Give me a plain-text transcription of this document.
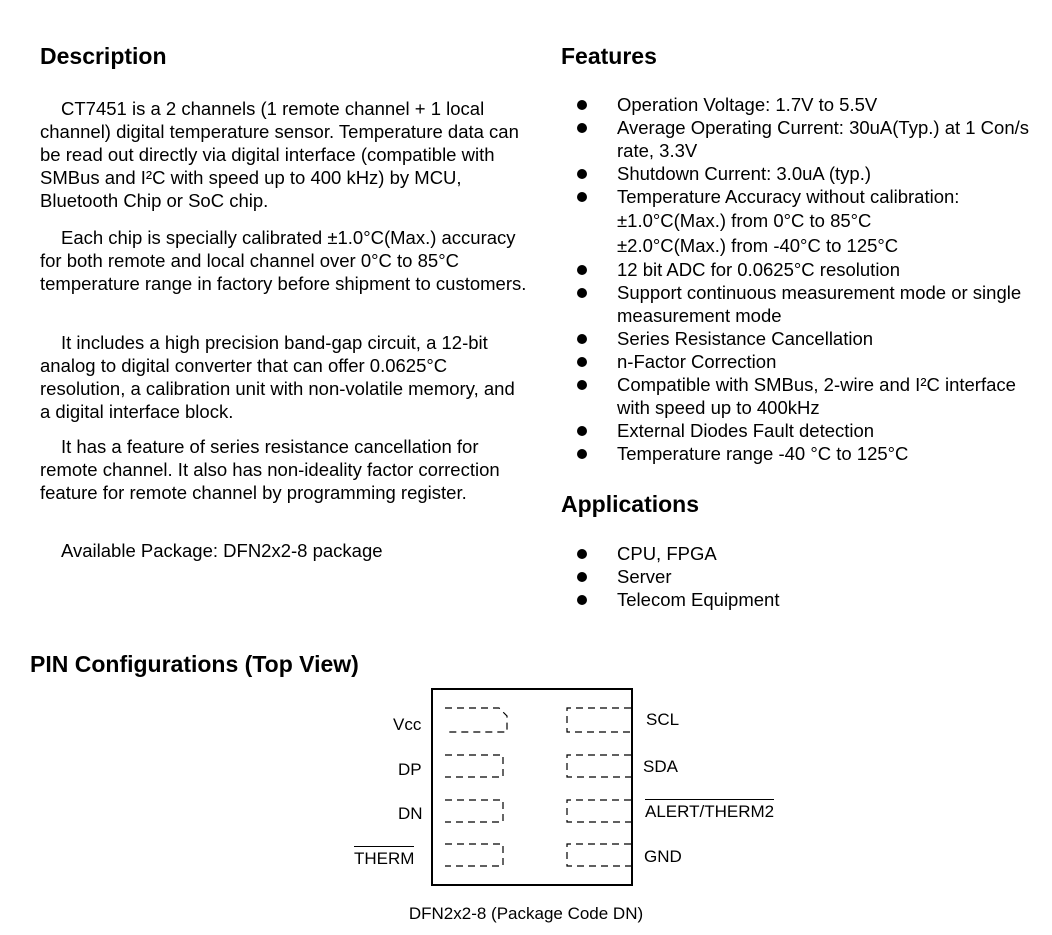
Description	Features

CT7451 is a 2 channels (1 remote channel + 1 local channel) digital temperature sensor. Temperature data can be read out directly via digital interface (compatible with SMBus and I²C with speed up to 400 kHz) by MCU, Bluetooth Chip or SoC chip.

Each chip is specially calibrated ±1.0°C(Max.) accuracy for both remote and local channel over 0°C to 85°C temperature range in factory before shipment to customers.

It includes a high precision band-gap circuit, a 12-bit analog to digital converter that can offer 0.0625°C resolution, a calibration unit with non-volatile memory, and a digital interface block.

It has a feature of series resistance cancellation for remote channel. It also has non-ideality factor correction feature for remote channel by programming register.

Available Package: DFN2x2-8 package

Operation Voltage: 1.7V to 5.5V
Average Operating Current: 30uA(Typ.) at 1 Con/s rate, 3.3V
Shutdown Current: 3.0uA (typ.)
Temperature Accuracy without calibration:
±1.0°C(Max.) from 0°C to 85°C
±2.0°C(Max.) from -40°C to 125°C
12 bit ADC for 0.0625°C resolution
Support continuous measurement mode or single measurement mode
Series Resistance Cancellation
n-Factor Correction
Compatible with SMBus, 2-wire and I²C interface with speed up to 400kHz
External Diodes Fault detection
Temperature range -40 °C to 125°C
Applications
CPU, FPGA
Server
Telecom Equipment
PIN Configurations (Top View)
Vcc
DP
DN
THERM
SCL
SDA
ALERT/THERM2
GND
DFN2x2-8 (Package Code DN)
